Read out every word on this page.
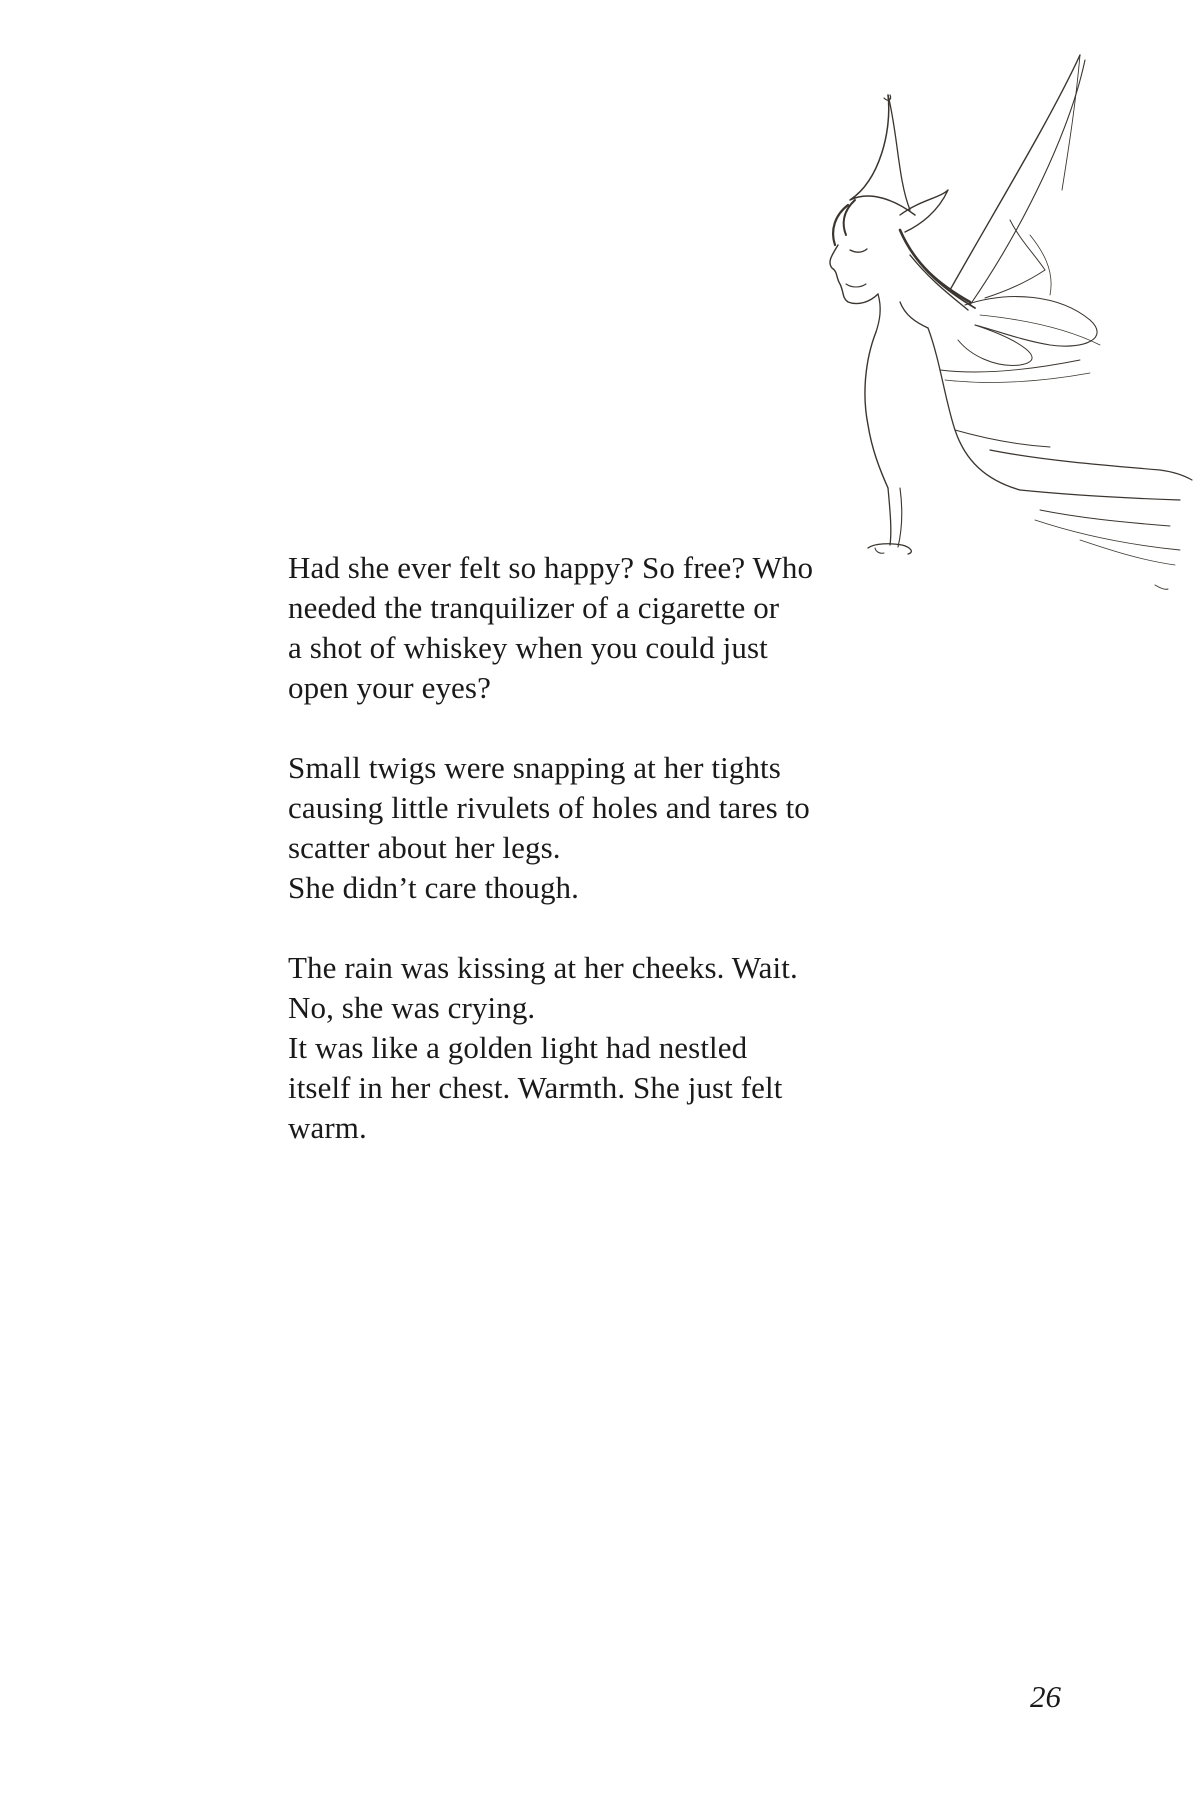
Had she ever felt so happy? So free? Who
needed the tranquilizer of a cigarette or
a shot of whiskey when you could just
open your eyes?

Small twigs were snapping at her tights
causing little rivulets of holes and tares to
scatter about her legs.
She didn’t care though.

The rain was kissing at her cheeks. Wait.
No, she was crying.
It was like a golden light had nestled
itself in her chest. Warmth. She just felt
warm.

26
